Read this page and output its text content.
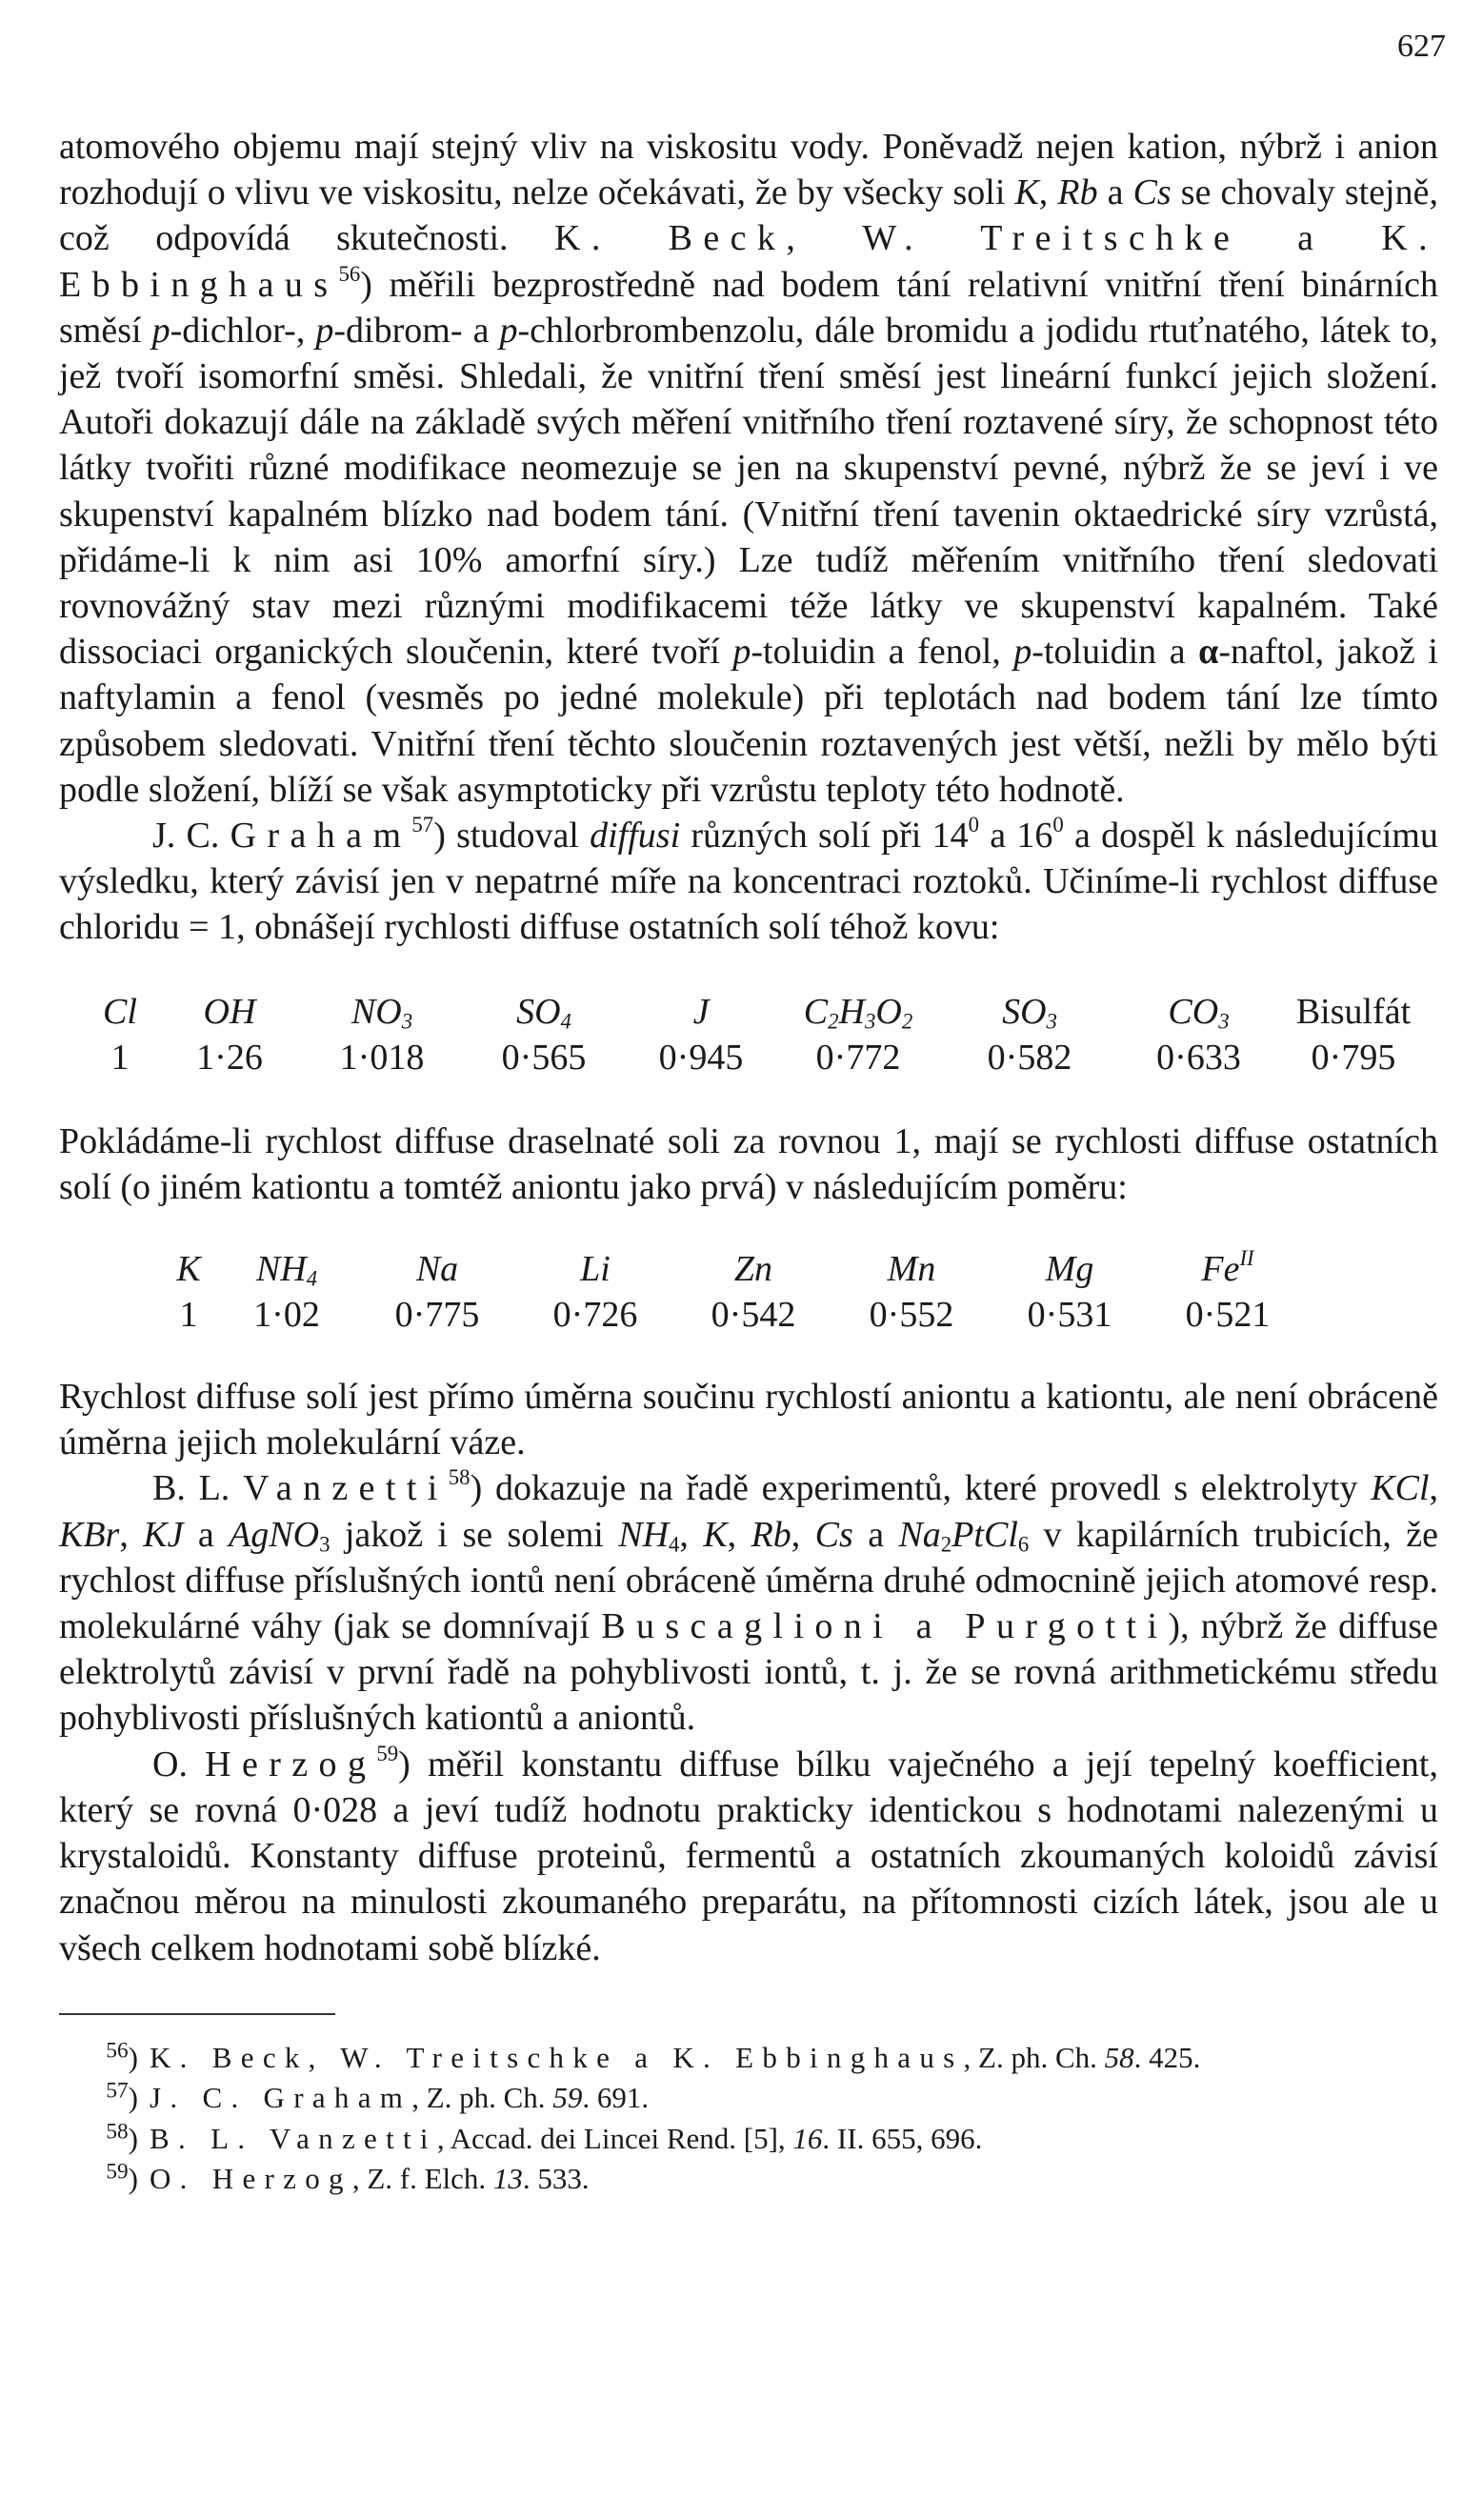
627

atomového objemu mají stejný vliv na viskositu vody. Poněvadž nejen kation, nýbrž i anion rozhodují o vlivu ve viskositu, nelze očekávati, že by všecky soli K, Rb a Cs se chovaly stejně, což odpovídá skutečnosti. K. Beck, W. Treitschke a K. Ebbinghaus$^{56}$) měřili bezprostředně nad bodem tání relativní vnitřní tření binárních směsí p-dichlor-, p-dibrom- a p-chlorbrombenzolu, dále bromidu a jodidu rtuťnatého, látek to, jež tvoří isomorfní směsi. Shledali, že vnitřní tření směsí jest lineární funkcí jejich složení. Autoři dokazují dále na základě svých měření vnitřního tření roztavené síry, že schopnost této látky tvořiti různé modifikace neomezuje se jen na skupenství pevné, nýbrž že se jeví i ve skupenství kapalném blízko nad bodem tání. (Vnitřní tření tavenin oktaedrické síry vzrůstá, přidáme-li k nim asi 10% amorfní síry.) Lze tudíž měřením vnitřního tření sledovati rovnovážný stav mezi různými modifikacemi téže látky ve skupenství kapalném. Také dissociaci organických sloučenin, které tvoří p-toluidin a fenol, p-toluidin a α-naftol, jakož i naftylamin a fenol (vesměs po jedné molekule) při teplotách nad bodem tání lze tímto způsobem sledovati. Vnitřní tření těchto sloučenin roztavených jest větší, nežli by mělo býti podle složení, blíží se však asymptoticky při vzrůstu teploty této hodnotě.

J. C. Graham$^{57}$) studoval diffusi různých solí při $14^0$ a $16^0$ a dospěl k následujícímu výsledku, který závisí jen v nepatrné míře na koncentraci roztoků. Učiníme-li rychlost diffuse chloridu = 1, obnášejí rychlosti diffuse ostatních solí téhož kovu:

Cl	OH	$NO_3$	$SO_4$	J	$C_2H_3O_2$	$SO_3$	$CO_3$	Bisulfát
1	1·26	1·018	0·565	0·945	0·772	0·582	0·633	0·795

Pokládáme-li rychlost diffuse draselnaté soli za rovnou 1, mají se rychlosti diffuse ostatních solí (o jiném kationtu a tomtéž aniontu jako prvá) v následujícím poměru:

K	$NH_4$	Na	Li	Zn	Mn	Mg	$Fe^{II}$
1	1·02	0·775	0·726	0·542	0·552	0·531	0·521

Rychlost diffuse solí jest přímo úměrna součinu rychlostí aniontu a kationtu, ale není obráceně úměrna jejich molekulární váze.

B. L. Vanzetti$^{58}$) dokazuje na řadě experimentů, které provedl s elektrolyty KCl, KBr, KJ a AgNO$_3$ jakož i se solemi $NH_4$, K, Rb, Cs a $Na_2PtCl_6$ v kapilárních trubicích, že rychlost diffuse příslušných iontů není obráceně úměrna druhé odmocnině jejich atomové resp. molekulárné váhy (jak se domnívají Buscaglioni a Purgotti), nýbrž že diffuse elektrolytů závisí v první řadě na pohyblivosti iontů, t. j. že se rovná arithmetickému středu pohyblivosti příslušných kationtů a aniontů.

O. Herzog$^{59}$) měřil konstantu diffuse bílku vaječného a její tepelný koefficient, který se rovná 0·028 a jeví tudíž hodnotu prakticky identickou s hodnotami nalezenými u krystaloidů. Konstanty diffuse proteinů, fermentů a ostatních zkoumaných koloidů závisí značnou měrou na minulosti zkoumaného preparátu, na přítomnosti cizích látek, jsou ale u všech celkem hodnotami sobě blízké.

$^{56}$) K. Beck, W. Treitschke a K. Ebbinghaus, Z. ph. Ch. 58. 425.

$^{57}$) J. C. Graham, Z. ph. Ch. 59. 691.

$^{58}$) B. L. Vanzetti, Accad. dei Lincei Rend. [5], 16. II. 655, 696.

$^{59}$) O. Herzog, Z. f. Elch. 13. 533.
